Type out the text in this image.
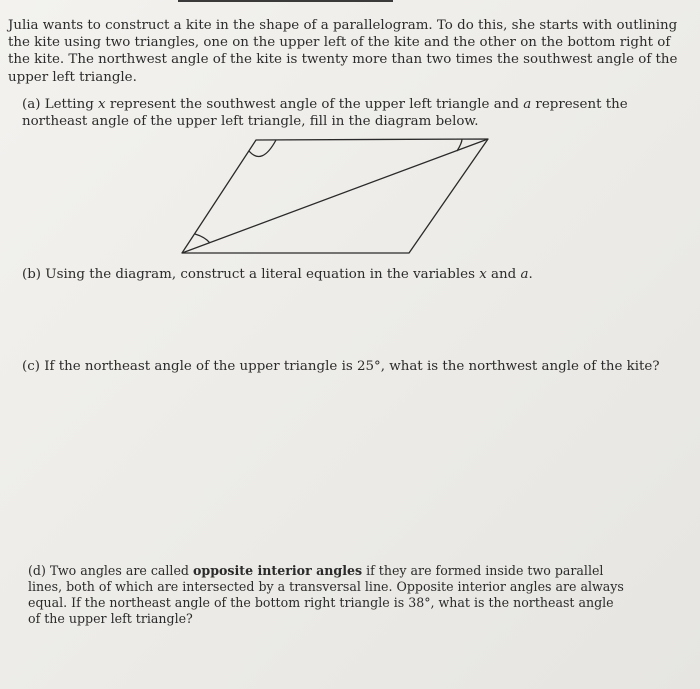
Julia wants to construct a kite in the shape of a parallelogram. To do this, she starts with outlining the kite using two triangles, one on the upper left of the kite and the other on the bottom right of the kite. The northwest angle of the kite is twenty more than two times the southwest angle of the upper left triangle.

(a) Letting x represent the southwest angle of the upper left triangle and a represent the northeast angle of the upper left triangle, fill in the diagram below.

(b) Using the diagram, construct a literal equation in the variables x and a.

(c) If the northeast angle of the upper triangle is 25°, what is the northwest angle of the kite?

(d) Two angles are called opposite interior angles if they are formed inside two parallel lines, both of which are intersected by a transversal line. Opposite interior angles are always equal. If the northeast angle of the bottom right triangle is 38°, what is the northeast angle of the upper left triangle?
